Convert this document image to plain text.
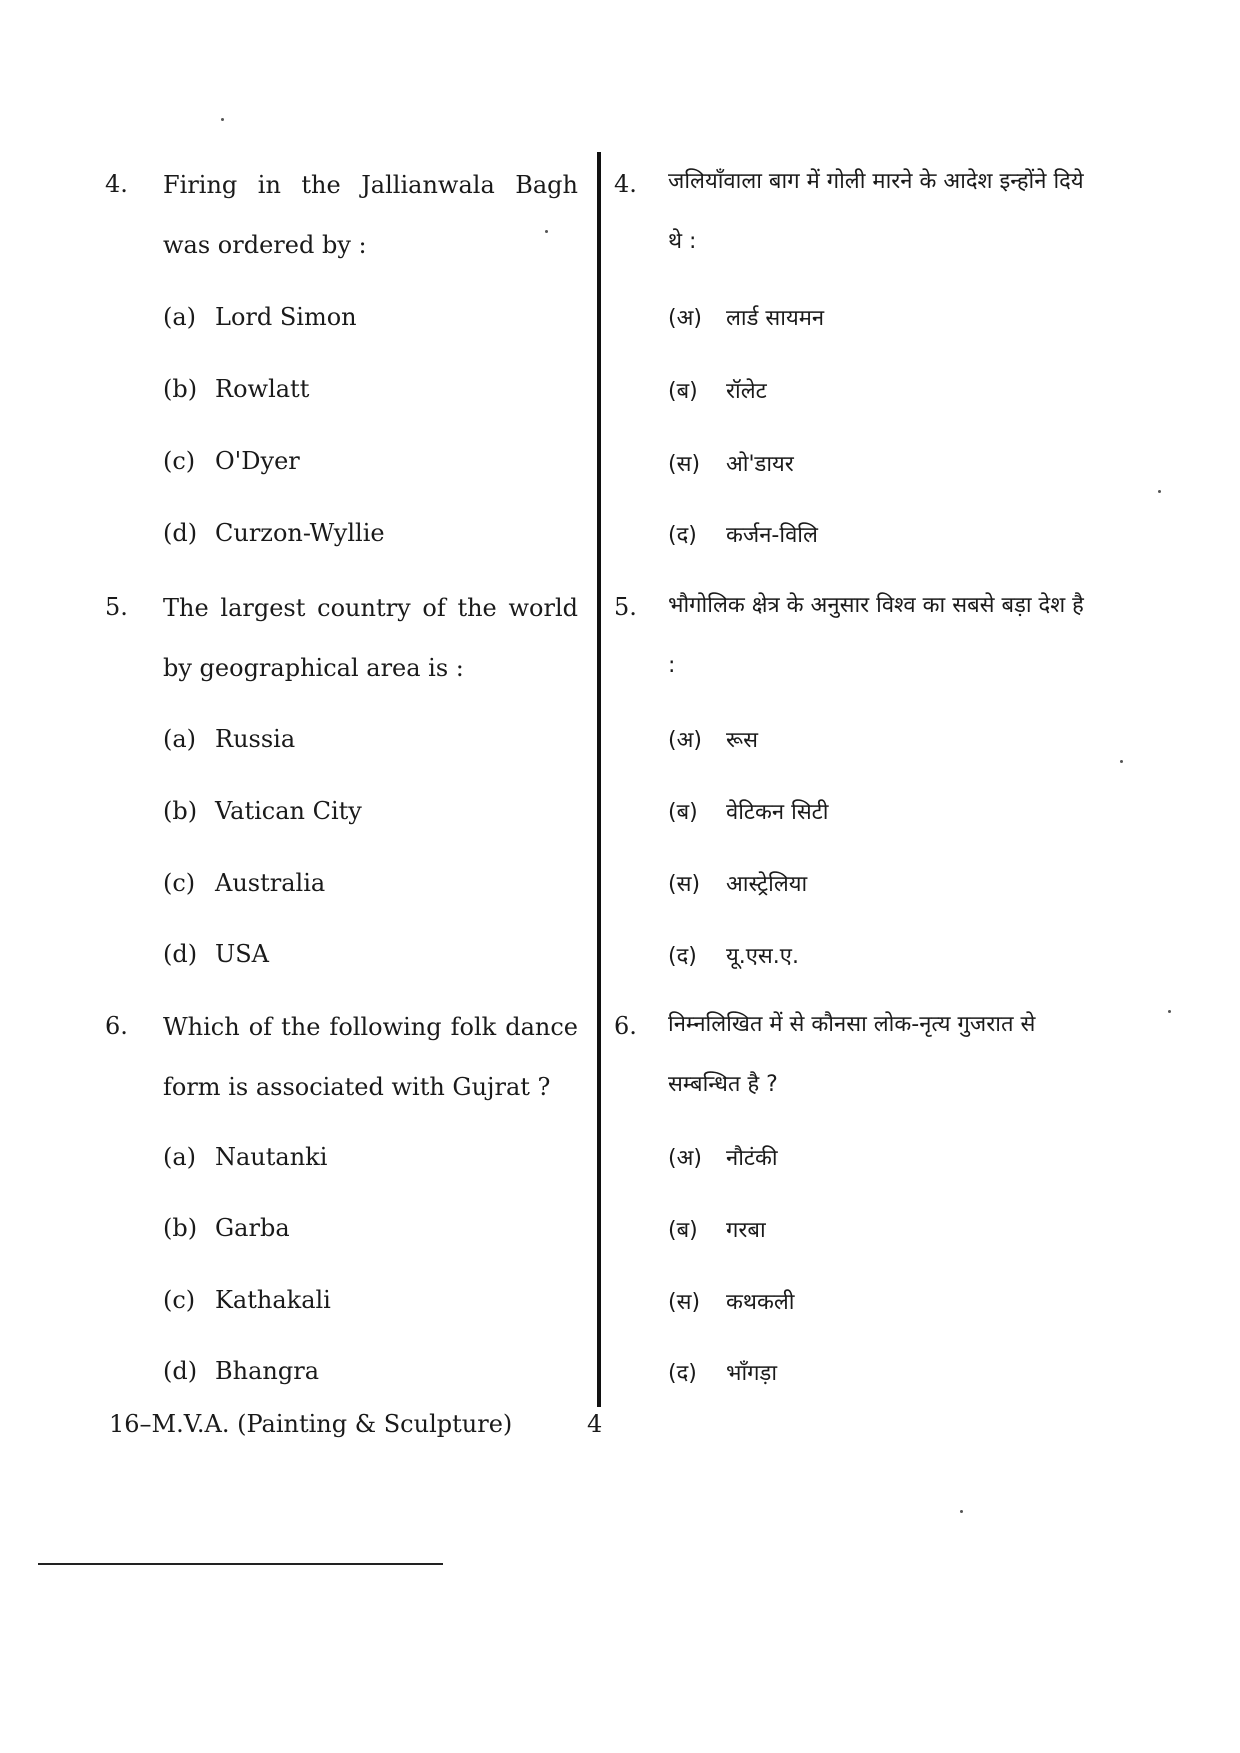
4. Firing in the Jallianwala Bagh was ordered by :
(a) Lord Simon
(b) Rowlatt
(c) O'Dyer
(d) Curzon-Wyllie
5. The largest country of the world by geographical area is :
(a) Russia
(b) Vatican City
(c) Australia
(d) USA
6. Which of the following folk dance form is associated with Gujrat ?
(a) Nautanki
(b) Garba
(c) Kathakali
(d) Bhangra
4. जलियाँवाला बाग में गोली मारने के आदेश इन्होंने दिये थे :
(अ) लार्ड सायमन
(ब) रॉलेट
(स) ओ'डायर
(द) कर्जन-विलि
5. भौगोलिक क्षेत्र के अनुसार विश्व का सबसे बड़ा देश है :
(अ) रूस
(ब) वेटिकन सिटी
(स) आस्ट्रेलिया
(द) यू.एस.ए.
6. निम्नलिखित में से कौनसा लोक-नृत्य गुजरात से सम्बन्धित है ?
(अ) नौटंकी
(ब) गरबा
(स) कथकली
(द) भाँगड़ा
16–M.V.A. (Painting & Sculpture)	4
